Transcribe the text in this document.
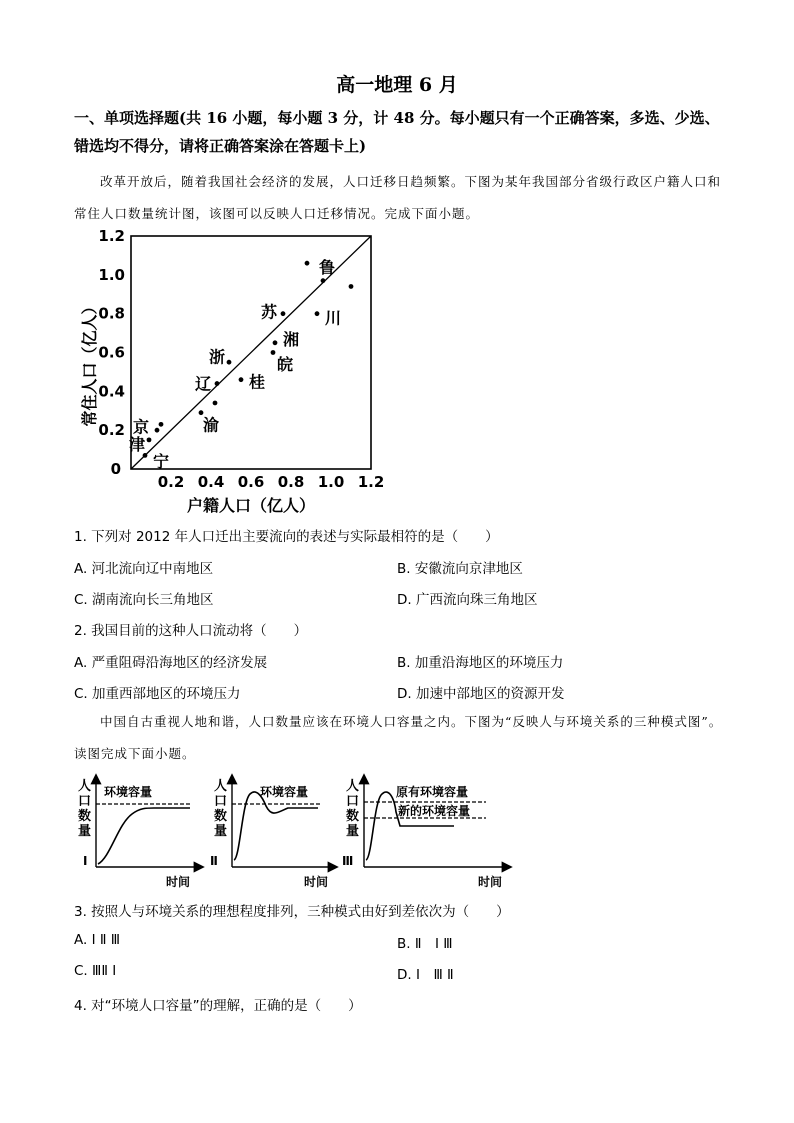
高一地理 6 月
一、单项选择题(共 16 小题，每小题 3 分，计 48 分。每小题只有一个正确答案，多选、少选、错选均不得分，请将正确答案涂在答题卡上)
改革开放后，随着我国社会经济的发展，人口迁移日趋频繁。下图为某年我国部分省级行政区户籍人口和常住人口数量统计图，该图可以反映人口迁移情况。完成下面小题。
0.2 0.4 0.6 0.8 1.0 1.2
0.2
0.4
0.6
0.8
1.0
1.2
0
鲁
苏	川
湘
浙	皖
辽 桂
渝
京
津
宁
户籍人口（亿人）
常住人口（亿人）
1. 下列对 2012 年人口迁出主要流向的表述与实际最相符的是（　　）
A. 河北流向辽中南地区	B. 安徽流向京津地区
C. 湖南流向长三角地区	D. 广西流向珠三角地区
2. 我国目前的这种人口流动将（　　）
A. 严重阻碍沿海地区的经济发展	B. 加重沿海地区的环境压力
C. 加重西部地区的环境压力	D. 加速中部地区的资源开发
中国自古重视人地和谐，人口数量应该在环境人口容量之内。下图为“反映人与环境关系的三种模式图”。读图完成下面小题。
环境容量
Ⅰ
时间
环境容量
Ⅱ
时间
原有环境容量
新的环境容量
Ⅲ
时间
人口数量
人口数量
人口数量
3. 按照人与环境关系的理想程度排列，三种模式由好到差依次为（　　）
A. Ⅰ Ⅱ Ⅲ	B. Ⅱ　Ⅰ Ⅲ
C. ⅢⅡ Ⅰ	D. Ⅰ　Ⅲ Ⅱ
4. 对“环境人口容量”的理解，正确的是（　　）
